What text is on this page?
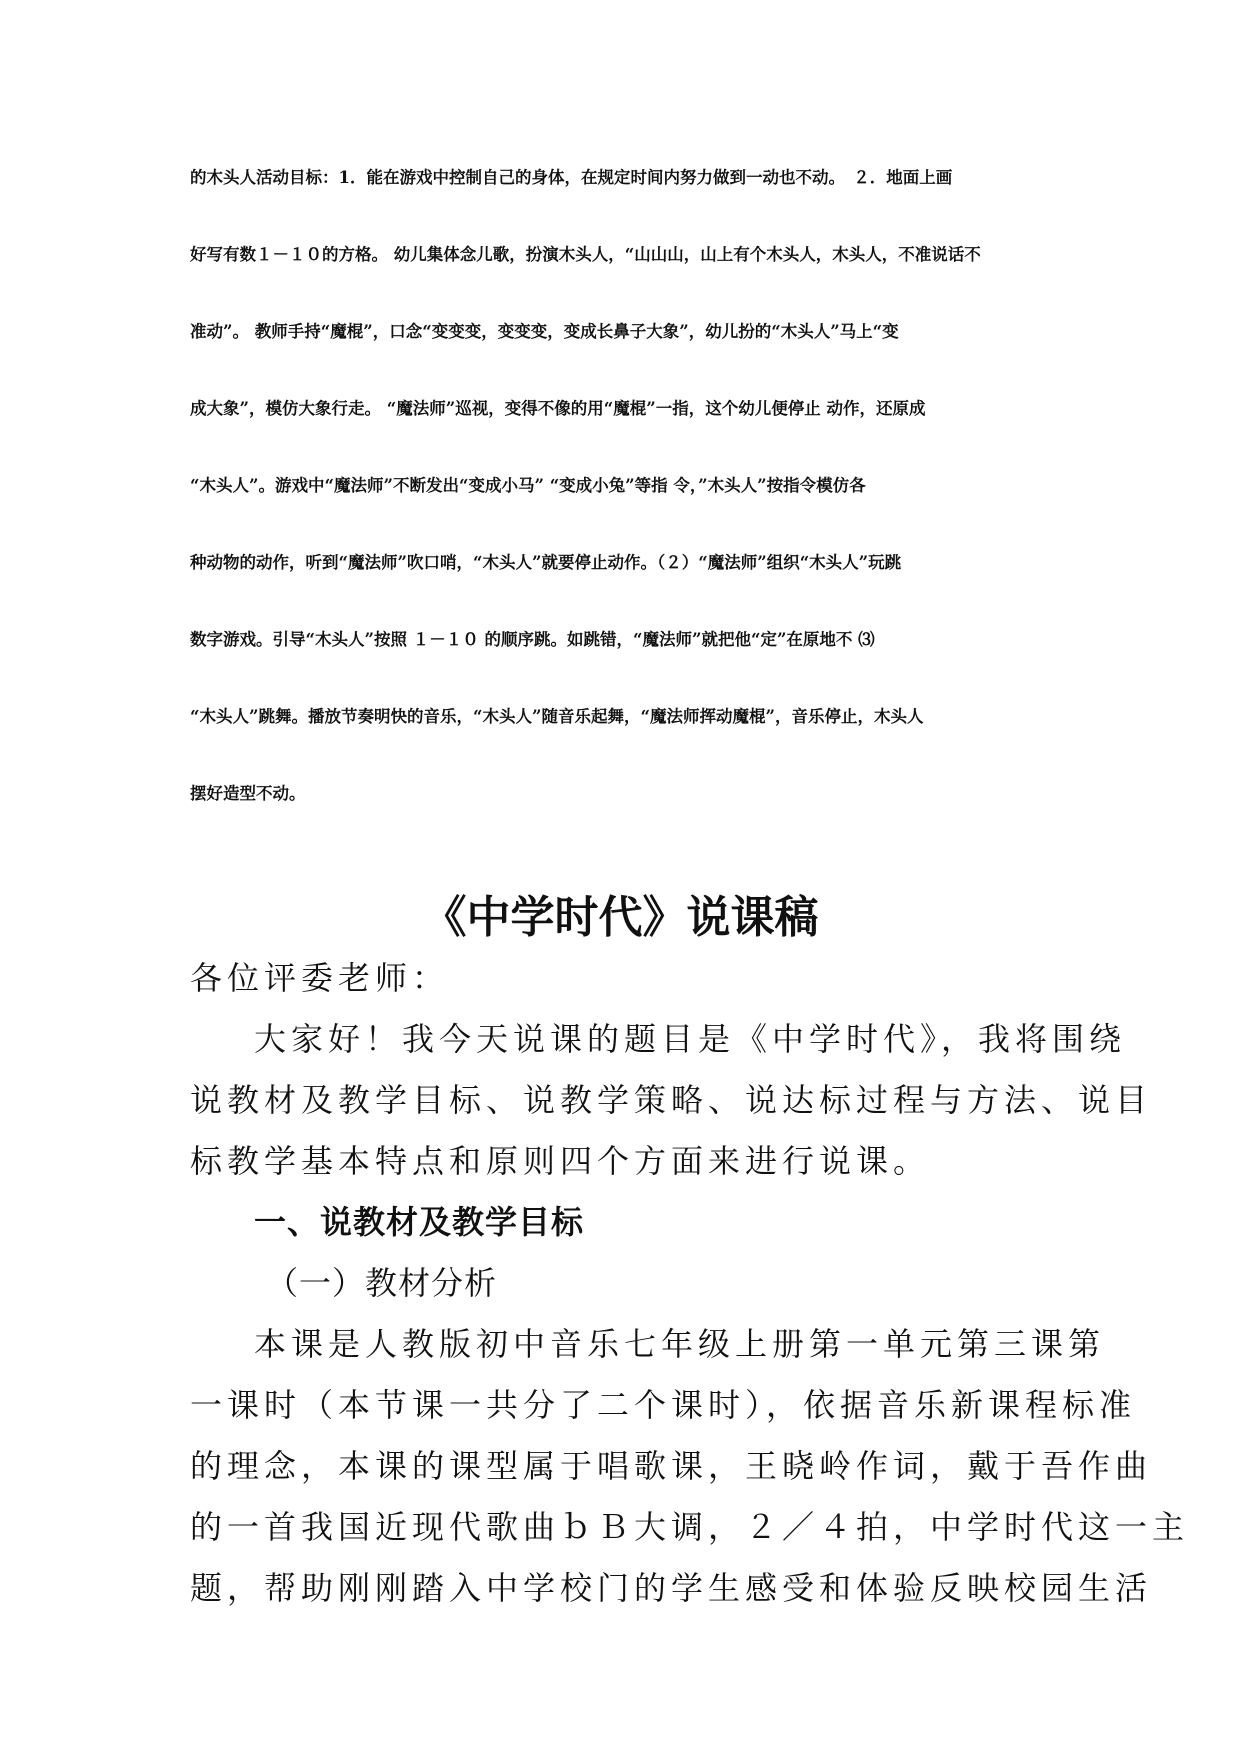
的木头人活动目标：1．能在游戏中控制自己的身体，在规定时间内努力做到一动也不动。　２．地面上画

好写有数１－１０的方格。 幼儿集体念儿歌，扮演木头人，“山山山，山上有个木头人，木头人，不准说话不

准动”。 教师手持“魔棍”，口念“变变变，变变变，变成长鼻子大象”，幼儿扮的“木头人”马上“变

成大象”，模仿大象行走。 “魔法师”巡视，变得不像的用“魔棍”一指，这个幼儿便停止 动作，还原成

“木头人”。游戏中“魔法师”不断发出“变成小马” “变成小兔”等指 令，”木头人”按指令模仿各

种动物的动作，听到“魔法师”吹口哨，“木头人”就要停止动作。（２）“魔法师”组织“木头人”玩跳

数字游戏。引导“木头人”按照 １－１０ 的顺序跳。如跳错，“魔法师”就把他“定”在原地不 ⑶

“木头人”跳舞。播放节奏明快的音乐，“木头人”随音乐起舞，“魔法师挥动魔棍”，音乐停止，木头人

摆好造型不动。

《中学时代》说课稿

各位评委老师：

大家好！我今天说课的题目是《中学时代》，我将围绕

说教材及教学目标、说教学策略、说达标过程与方法、说目

标教学基本特点和原则四个方面来进行说课。

一、说教材及教学目标

（一）教材分析

本课是人教版初中音乐七年级上册第一单元第三课第

一课时（本节课一共分了二个课时），依据音乐新课程标准

的理念，本课的课型属于唱歌课，王晓岭作词，戴于吾作曲

的一首我国近现代歌曲ｂＢ大调，２／４拍，中学时代这一主

题，帮助刚刚踏入中学校门的学生感受和体验反映校园生活
